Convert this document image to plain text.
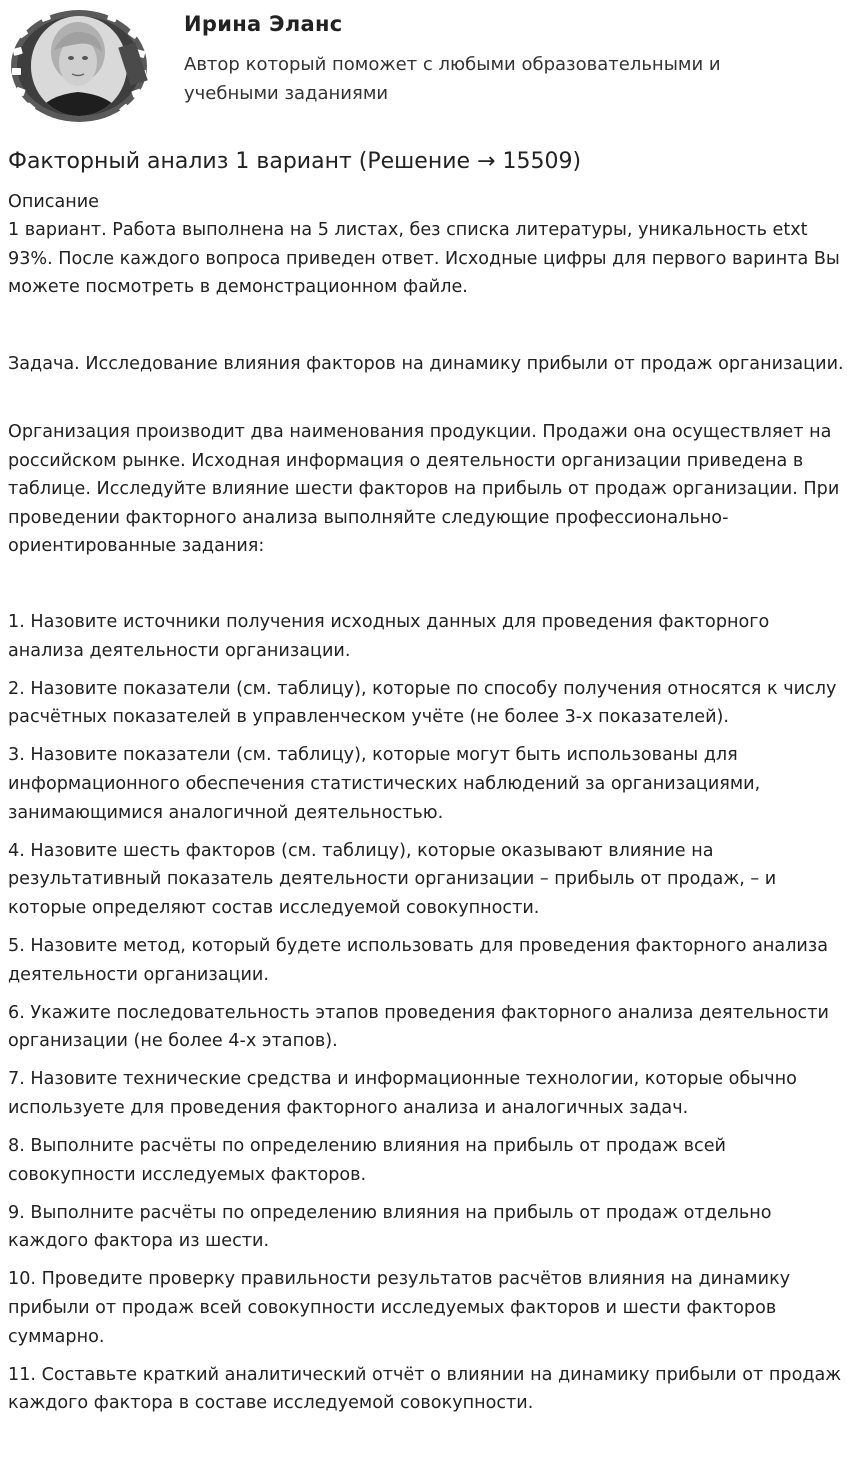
Ирина Эланс
Автор который поможет с любыми образовательными и учебными заданиями
Факторный анализ 1 вариант (Решение → 15509)
Описание
1 вариант. Работа выполнена на 5 листах, без списка литературы, уникальность etxt 93%. После каждого вопроса приведен ответ. Исходные цифры для первого варинта Вы можете посмотреть в демонстрационном файле.
Задача. Исследование влияния факторов на динамику прибыли от продаж организации.
Организация производит два наименования продукции. Продажи она осуществляет на российском рынке. Исходная информация о деятельности организации приведена в таблице. Исследуйте влияние шести факторов на прибыль от продаж организации. При проведении факторного анализа выполняйте следующие профессионально-ориентированные задания:

1. Назовите источники получения исходных данных для проведения факторного анализа деятельности организации.

2. Назовите показатели (см. таблицу), которые по способу получения относятся к числу расчётных показателей в управленческом учёте (не более 3-х показателей).

3. Назовите показатели (см. таблицу), которые могут быть использованы для информационного обеспечения статистических наблюдений за организациями, занимающимися аналогичной деятельностью.

4. Назовите шесть факторов (см. таблицу), которые оказывают влияние на результативный показатель деятельности организации – прибыль от продаж, – и которые определяют состав исследуемой совокупности.

5. Назовите метод, который будете использовать для проведения факторного анализа деятельности организации.

6. Укажите последовательность этапов проведения факторного анализа деятельности организации (не более 4-х этапов).

7. Назовите технические средства и информационные технологии, которые обычно используете для проведения факторного анализа и аналогичных задач.

8. Выполните расчёты по определению влияния на прибыль от продаж всей совокупности исследуемых факторов.

9. Выполните расчёты по определению влияния на прибыль от продаж отдельно каждого фактора из шести.

10. Проведите проверку правильности результатов расчётов влияния на динамику прибыли от продаж всей совокупности исследуемых факторов и шести факторов суммарно.

11. Составьте краткий аналитический отчёт о влиянии на динамику прибыли от продаж каждого фактора в составе исследуемой совокупности.
